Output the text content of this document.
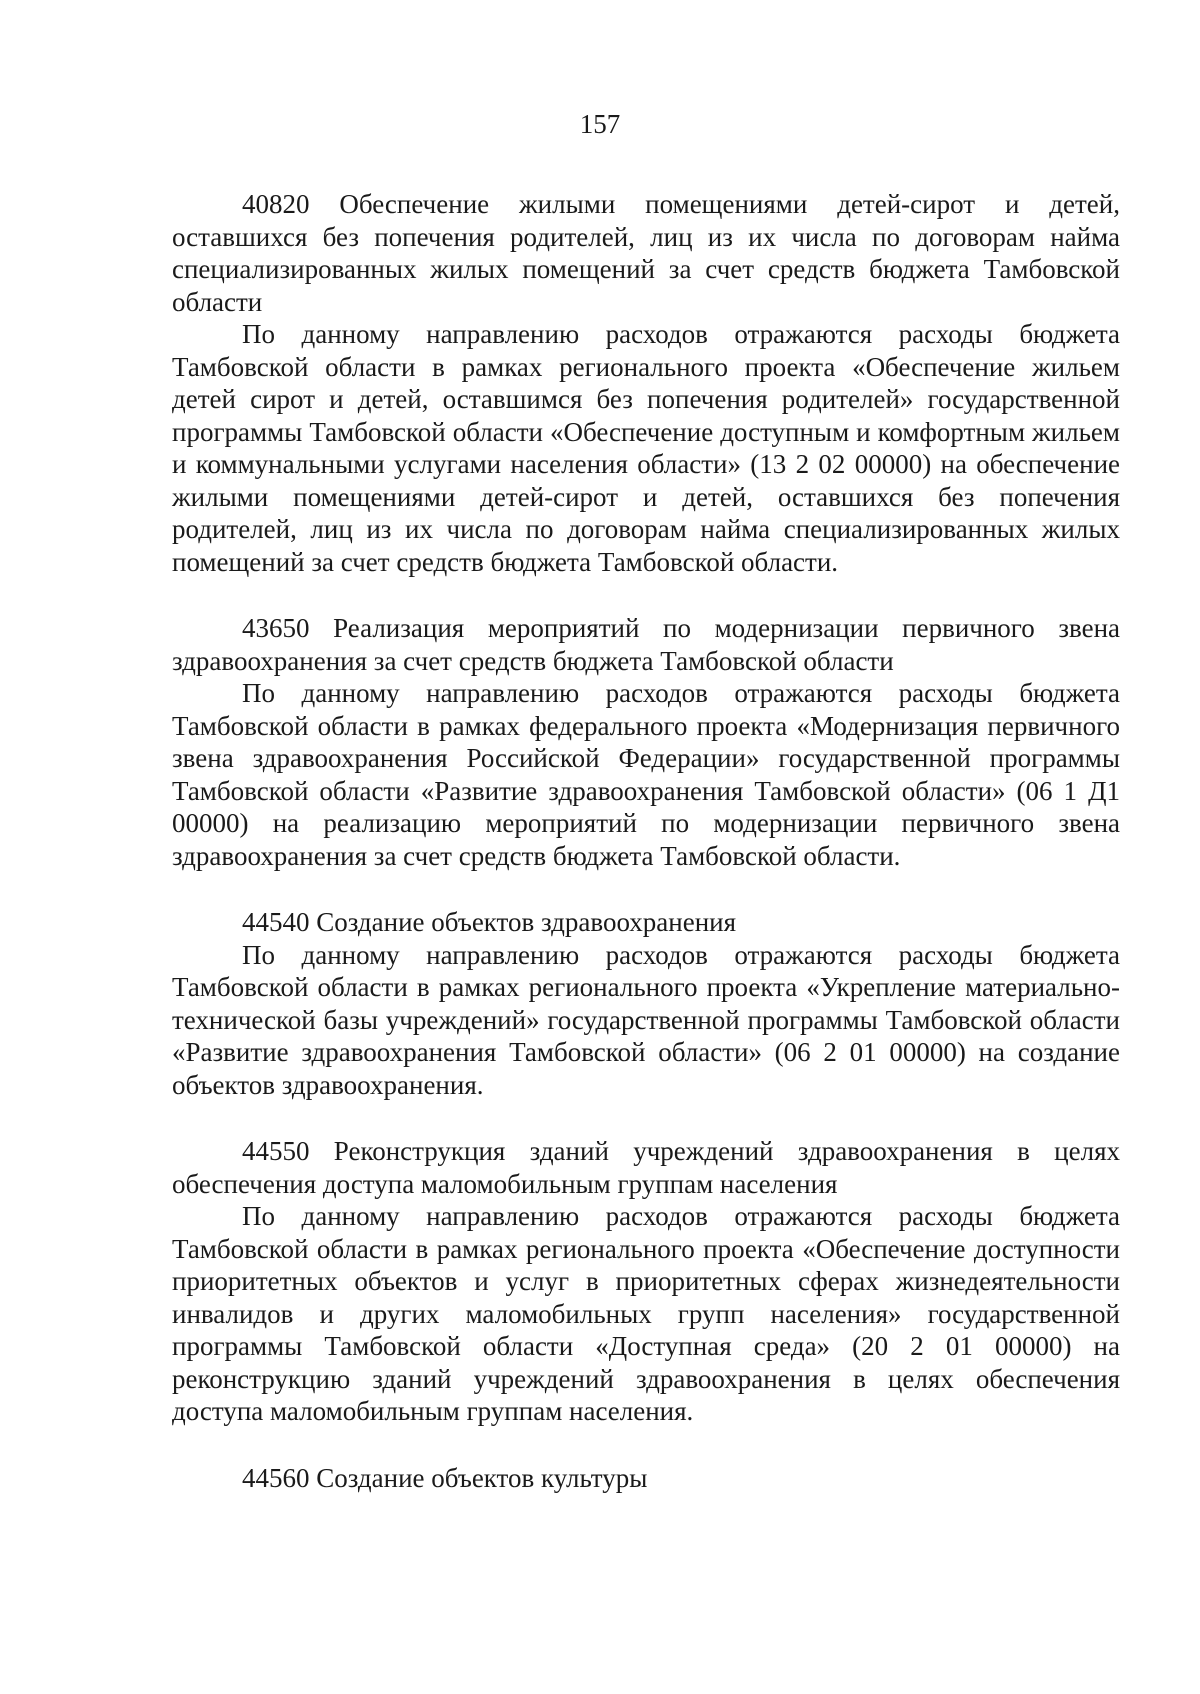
157

40820 Обеспечение жилыми помещениями детей-сирот и детей, оставшихся без попечения родителей, лиц из их числа по договорам найма специализированных жилых помещений за счет средств бюджета Тамбовской области

По данному направлению расходов отражаются расходы бюджета Тамбовской области в рамках регионального проекта «Обеспечение жильем детей сирот и детей, оставшимся без попечения родителей» государственной программы Тамбовской области «Обеспечение доступным и комфортным жильем и коммунальными услугами населения области» (13 2 02 00000) на обеспечение жилыми помещениями детей-сирот и детей, оставшихся без попечения родителей, лиц из их числа по договорам найма специализированных жилых помещений за счет средств бюджета Тамбовской области.

43650 Реализация мероприятий по модернизации первичного звена здравоохранения за счет средств бюджета Тамбовской области

По данному направлению расходов отражаются расходы бюджета Тамбовской области в рамках федерального проекта «Модернизация первичного звена здравоохранения Российской Федерации» государственной программы Тамбовской области «Развитие здравоохранения Тамбовской области» (06 1 Д1 00000) на реализацию мероприятий по модернизации первичного звена здравоохранения за счет средств бюджета Тамбовской области.

44540 Создание объектов здравоохранения

По данному направлению расходов отражаются расходы бюджета Тамбовской области в рамках регионального проекта «Укрепление материально-технической базы учреждений» государственной программы Тамбовской области «Развитие здравоохранения Тамбовской области» (06 2 01 00000) на создание объектов здравоохранения.

44550 Реконструкция зданий учреждений здравоохранения в целях обеспечения доступа маломобильным группам населения

По данному направлению расходов отражаются расходы бюджета Тамбовской области в рамках регионального проекта «Обеспечение доступности приоритетных объектов и услуг в приоритетных сферах жизнедеятельности инвалидов и других маломобильных групп населения» государственной программы Тамбовской области «Доступная среда» (20 2 01 00000) на реконструкцию зданий учреждений здравоохранения в целях обеспечения доступа маломобильным группам населения.

44560 Создание объектов культуры
